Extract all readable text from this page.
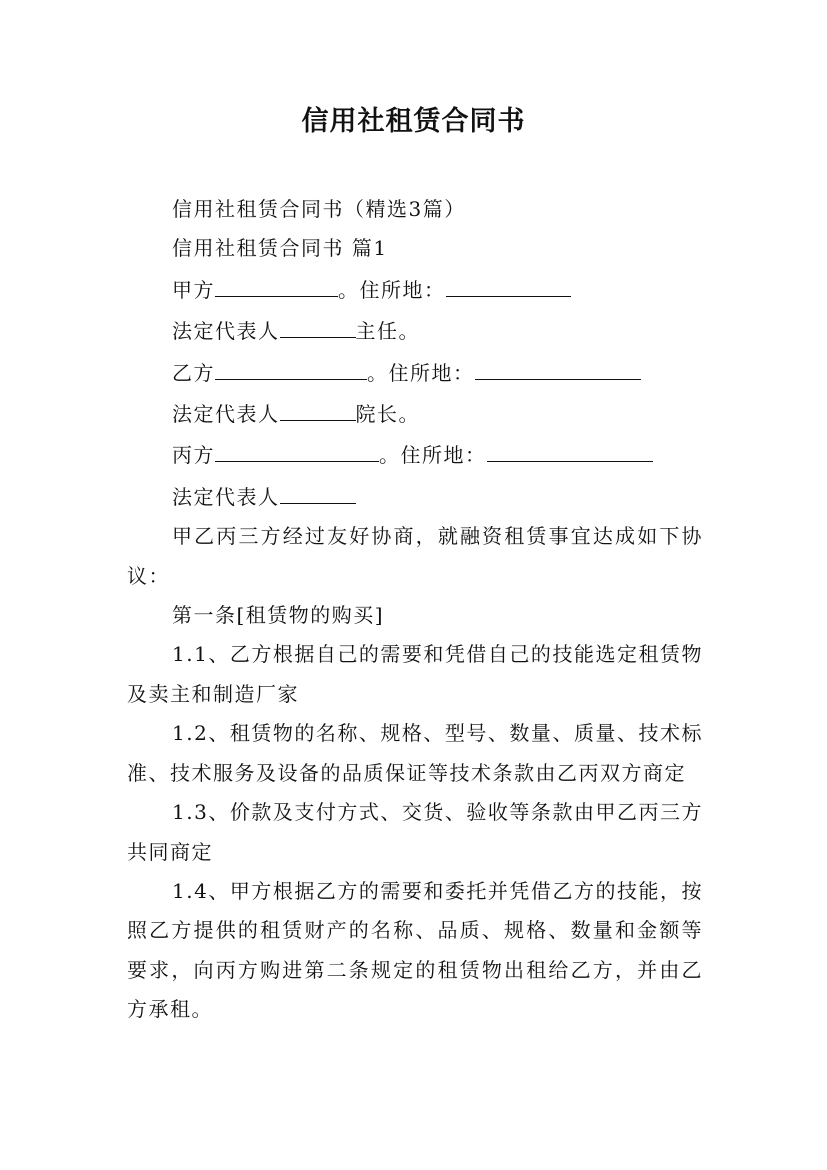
信用社租赁合同书

信用社租赁合同书（精选3篇）

信用社租赁合同书 篇1

甲方	。住所地：

法定代表人	主任。

乙方	。住所地：

法定代表人	院长。

丙方	。住所地：

法定代表人

甲乙丙三方经过友好协商，就融资租赁事宜达成如下协议：

第一条[租赁物的购买]

1.1、乙方根据自己的需要和凭借自己的技能选定租赁物及卖主和制造厂家

1.2、租赁物的名称、规格、型号、数量、质量、技术标准、技术服务及设备的品质保证等技术条款由乙丙双方商定

1.3、价款及支付方式、交货、验收等条款由甲乙丙三方共同商定

1.4、甲方根据乙方的需要和委托并凭借乙方的技能，按照乙方提供的租赁财产的名称、品质、规格、数量和金额等要求，向丙方购进第二条规定的租赁物出租给乙方，并由乙方承租。
